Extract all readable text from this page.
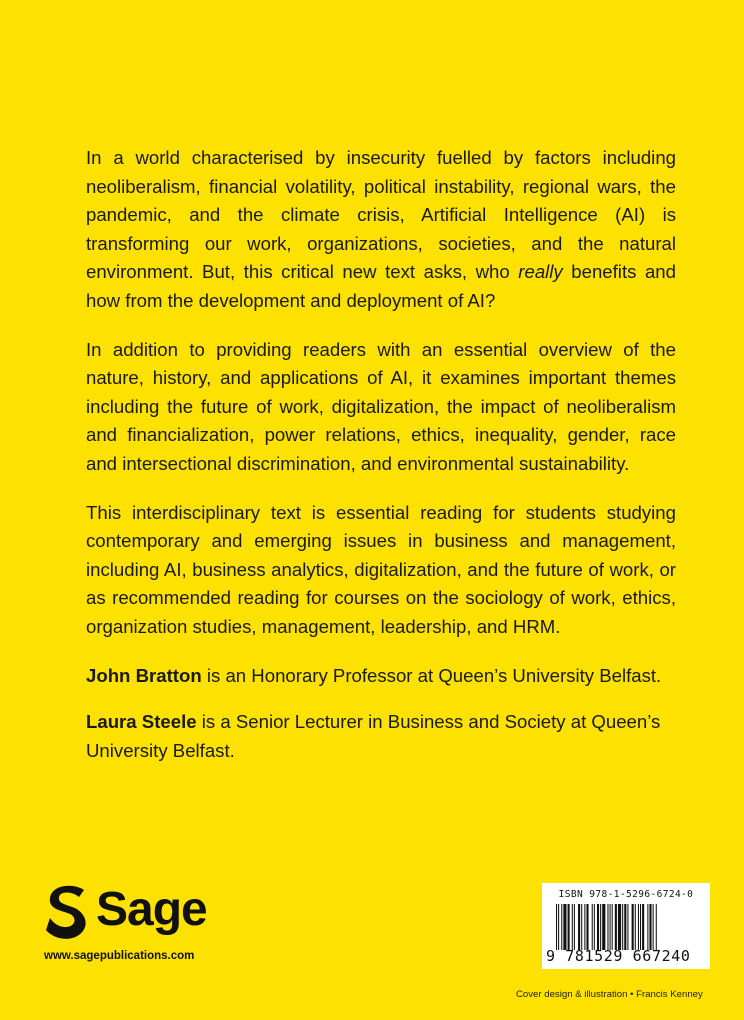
In a world characterised by insecurity fuelled by factors including neoliberalism, financial volatility, political instability, regional wars, the pandemic, and the climate crisis, Artificial Intelligence (AI) is transforming our work, organizations, societies, and the natural environment. But, this critical new text asks, who really benefits and how from the development and deployment of AI?

In addition to providing readers with an essential overview of the nature, history, and applications of AI, it examines important themes including the future of work, digitalization, the impact of neoliberalism and financialization, power relations, ethics, inequality, gender, race and intersectional discrimination, and environmental sustainability.

This interdisciplinary text is essential reading for students studying contemporary and emerging issues in business and management, including AI, business analytics, digitalization, and the future of work, or as recommended reading for courses on the sociology of work, ethics, organization studies, management, leadership, and HRM.

John Bratton is an Honorary Professor at Queen’s University Belfast.

Laura Steele is a Senior Lecturer in Business and Society at Queen’s University Belfast.

Sage
www.sagepublications.com
ISBN 978-1-5296-6724-0
9 781529 667240
Cover design & illustration • Francis Kenney
